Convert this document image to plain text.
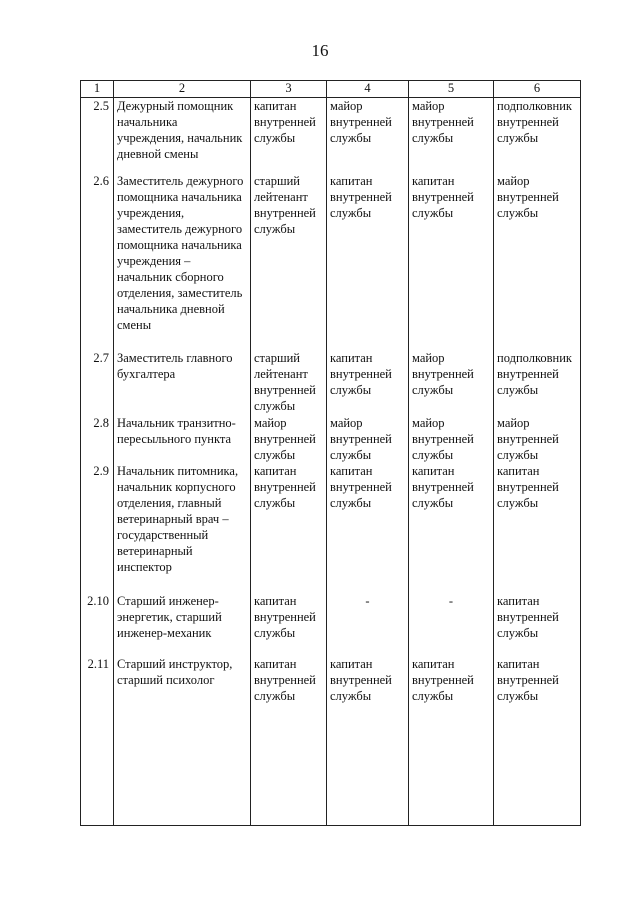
16
1	2	3	4	5	6
2.5	Дежурный помощник начальника учреждения, начальник дневной смены	капитан внутренней службы	майор внутренней службы	майор внутренней службы	подполковник внутренней службы
2.6	Заместитель дежурного помощника начальника учреждения, заместитель дежурного помощника начальника учреждения – начальник сборного отделения, заместитель начальника дневной смены	старший лейтенант внутренней службы	капитан внутренней службы	капитан внутренней службы	майор внутренней службы
2.7	Заместитель главного бухгалтера	старший лейтенант внутренней службы	капитан внутренней службы	майор внутренней службы	подполковник внутренней службы
2.8	Начальник транзитно-пересыльного пункта	майор внутренней службы	майор внутренней службы	майор внутренней службы	майор внутренней службы
2.9	Начальник питомника, начальник корпусного отделения, главный ветеринарный врач – государственный ветеринарный инспектор	капитан внутренней службы	капитан внутренней службы	капитан внутренней службы	капитан внутренней службы
2.10	Старший инженер-энергетик, старший инженер-механик	капитан внутренней службы	-	-	капитан внутренней службы
2.11	Старший инструктор, старший психолог	капитан внутренней службы	капитан внутренней службы	капитан внутренней службы	капитан внутренней службы
